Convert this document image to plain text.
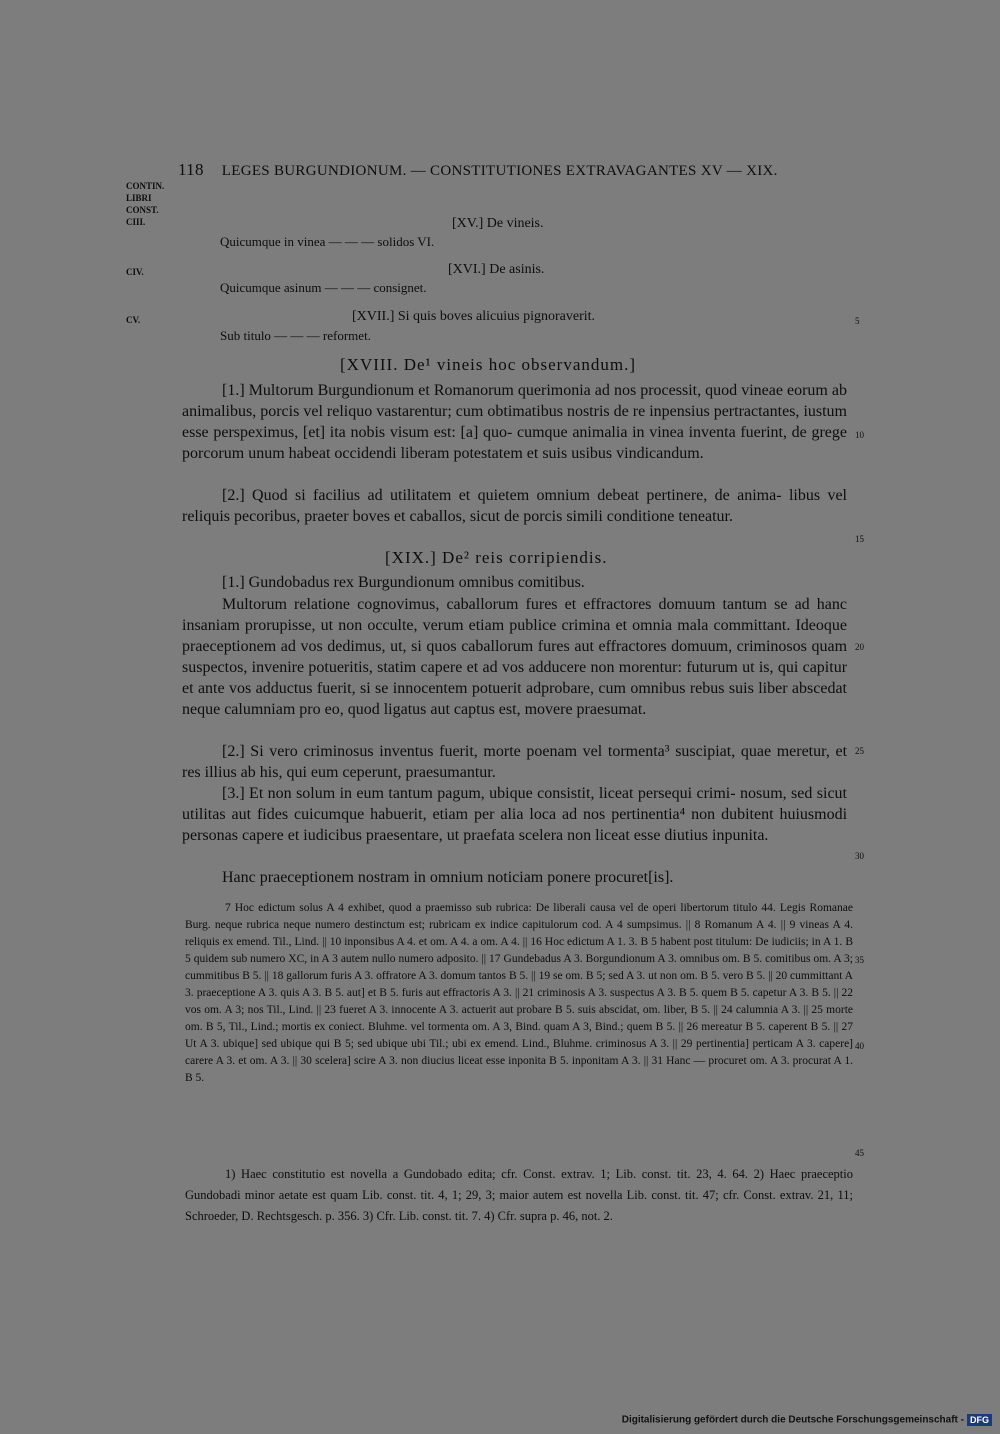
118 LEGES BURGUNDIONUM. — CONSTITUTIONES EXTRAVAGANTES XV — XIX.
CONTIN. LIBRI CONST. CIII.
CIV.
CV.
[XV.] De vineis.
Quicumque in vinea — — — solidos VI.
[XVI.] De asinis.
Quicumque asinum — — — consignet.
[XVII.] Si quis boves alicuius pignoraverit.
Sub titulo — — — reformet.
[XVIII. De¹ vineis hoc observandum.]
[1.] Multorum Burgundionum et Romanorum querimonia ad nos processit, quod vineae eorum ab animalibus, porcis vel reliquo vastarentur; cum obtimatibus nostris de re inpensius pertractantes, iustum esse perspeximus, [et] ita nobis visum est: [a] quo- cumque animalia in vinea inventa fuerint, de grege porcorum unum habeat occidendi liberam potestatem et suis usibus vindicandum.
[2.] Quod si facilius ad utilitatem et quietem omnium debeat pertinere, de anima- libus vel reliquis pecoribus, praeter boves et caballos, sicut de porcis simili conditione teneatur.
[XIX.] De² reis corripiendis.
[1.] Gundobadus rex Burgundionum omnibus comitibus.
Multorum relatione cognovimus, caballorum fures et effractores domuum tantum se ad hanc insaniam prorupisse, ut non occulte, verum etiam publice crimina et omnia mala committant. Ideoque praeceptionem ad vos dedimus, ut, si quos caballorum fures aut effractores domuum, criminosos quam suspectos, invenire potueritis, statim capere et ad vos adducere non morentur: futurum ut is, qui capitur et ante vos adductus fuerit, si se innocentem potuerit adprobare, cum omnibus rebus suis liber abscedat neque calumniam pro eo, quod ligatus aut captus est, movere praesumat.
[2.] Si vero criminosus inventus fuerit, morte poenam vel tormenta³ suscipiat, quae meretur, et res illius ab his, qui eum ceperunt, praesumantur.
[3.] Et non solum in eum tantum pagum, ubique consistit, liceat persequi crimi- nosum, sed sicut utilitas aut fides cuicumque habuerit, etiam per alia loca ad nos pertinentia⁴ non dubitent huiusmodi personas capere et iudicibus praesentare, ut praefata scelera non liceat esse diutius inpunita.
Hanc praeceptionem nostram in omnium noticiam ponere procuret[is].
5
10
15
20
25
30
35
40
45
7 Hoc edictum solus A 4 exhibet, quod a praemisso sub rubrica: De liberali causa vel de operi libertorum titulo 44. Legis Romanae Burg. neque rubrica neque numero destinctum est; rubricam ex indice capitulorum cod. A 4 sumpsimus. || 8 Romanum A 4. || 9 vineas A 4. reliquis ex emend. Til., Lind. || 10 inponsibus A 4. et om. A 4. a om. A 4. || 16 Hoc edictum A 1. 3. B 5 habent post titulum: De iudiciis; in A 1. B 5 quidem sub numero XC, in A 3 autem nullo numero adposito. || 17 Gundebadus A 3. Borgundionum A 3. omnibus om. B 5. comitibus om. A 3; cummitibus B 5. || 18 gallorum furis A 3. offratore A 3. domum tantos B 5. || 19 se om. B 5; sed A 3. ut non om. B 5. vero B 5. || 20 cummittant A 3. praeceptione A 3. quis A 3. B 5. aut] et B 5. furis aut effractoris A 3. || 21 criminosis A 3. suspectus A 3. B 5. quem B 5. capetur A 3. B 5. || 22 vos om. A 3; nos Til., Lind. || 23 fueret A 3. innocente A 3. actuerit aut probare B 5. suis abscidat, om. liber, B 5. || 24 calumnia A 3. || 25 morte om. B 5, Til., Lind.; mortis ex coniect. Bluhme. vel tormenta om. A 3, Bind. quam A 3, Bind.; quem B 5. || 26 mereatur B 5. caperent B 5. || 27 Ut A 3. ubique] sed ubique qui B 5; sed ubique ubi Til.; ubi ex emend. Lind., Bluhme. criminosus A 3. || 29 pertinentia] perticam A 3. capere] carere A 3. et om. A 3. || 30 scelera] scire A 3. non diucius liceat esse inponita B 5. inponitam A 3. || 31 Hanc — procuret om. A 3. procurat A 1. B 5.
1) Haec constitutio est novella a Gundobado edita; cfr. Const. extrav. 1; Lib. const. tit. 23, 4. 64. 2) Haec praeceptio Gundobadi minor aetate est quam Lib. const. tit. 4, 1; 29, 3; maior autem est novella Lib. const. tit. 47; cfr. Const. extrav. 21, 11; Schroeder, D. Rechtsgesch. p. 356. 3) Cfr. Lib. const. tit. 7. 4) Cfr. supra p. 46, not. 2.
Digitalisierung gefördert durch die Deutsche Forschungsgemeinschaft - DFG
